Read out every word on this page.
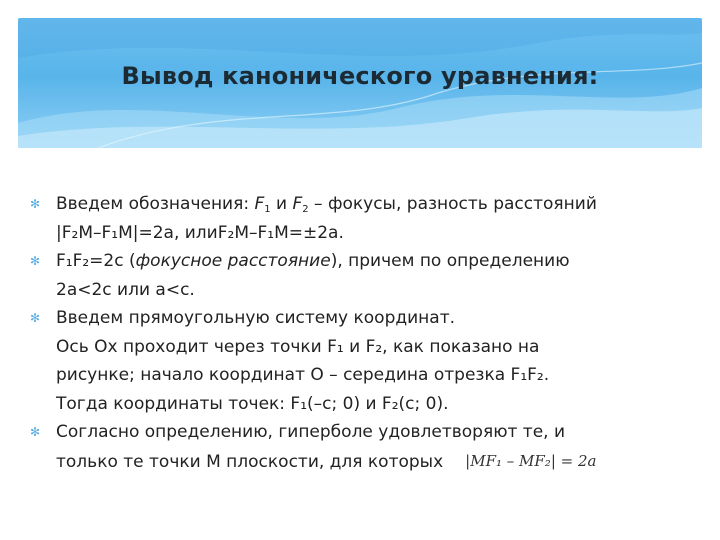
Вывод канонического уравнения:
✻ Введем обозначения: $F_1$ и $F_2$ – фокусы, разность расстояний
|F₂M–F₁M|=2a, илиF₂M–F₁M=±2a.
✻ F₁F₂=2c (фокусное расстояние), причем по определению
2a<2c или a<c.
✻ Введем прямоугольную систему координат.
Ось Ox проходит через точки F₁ и F₂, как показано на
рисунке; начало координат O – середина отрезка F₁F₂.
Тогда координаты точек: F₁(–c; 0) и F₂(c; 0).
✻ Согласно определению, гиперболе удовлетворяют те, и
только те точки M плоскости, для которых |MF₁ – MF₂| = 2a
